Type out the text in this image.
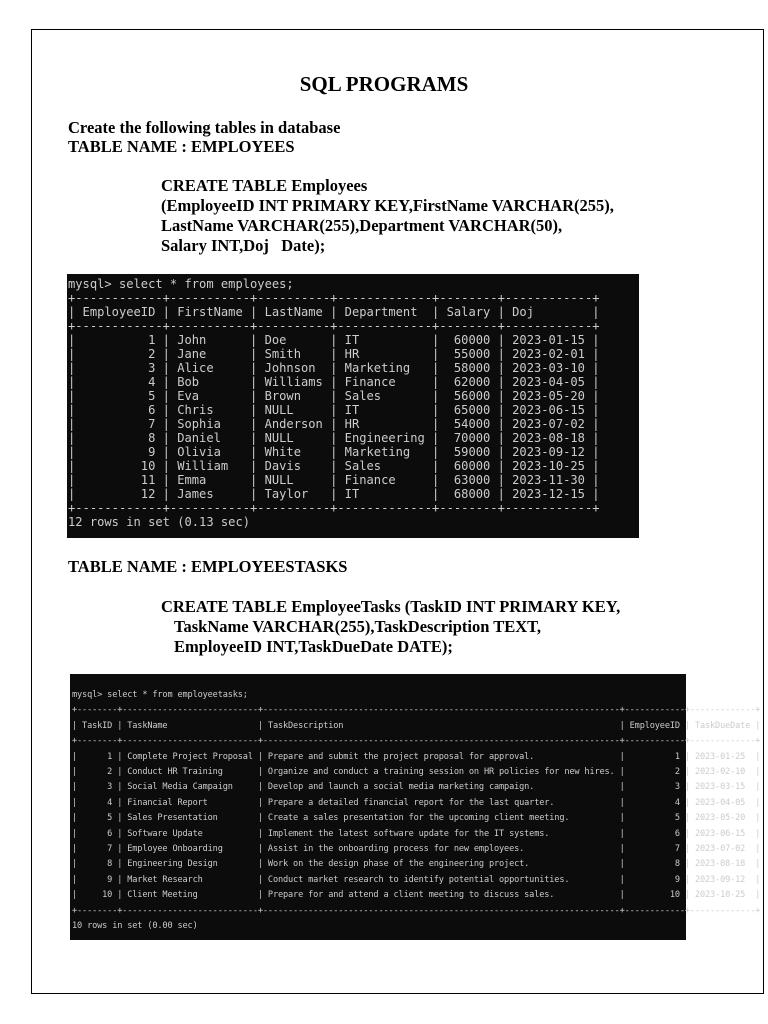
SQL PROGRAMS
Create the following tables in database
TABLE NAME : EMPLOYEES
CREATE TABLE Employees
(EmployeeID INT PRIMARY KEY,FirstName VARCHAR(255),
LastName VARCHAR(255),Department VARCHAR(50),
Salary INT,Doj   Date);
mysql> select * from employees;
+------------+-----------+----------+-------------+--------+------------+
| EmployeeID | FirstName | LastName | Department  | Salary | Doj        |
+------------+-----------+----------+-------------+--------+------------+
|          1 | John      | Doe      | IT          |  60000 | 2023-01-15 |
|          2 | Jane      | Smith    | HR          |  55000 | 2023-02-01 |
|          3 | Alice     | Johnson  | Marketing   |  58000 | 2023-03-10 |
|          4 | Bob       | Williams | Finance     |  62000 | 2023-04-05 |
|          5 | Eva       | Brown    | Sales       |  56000 | 2023-05-20 |
|          6 | Chris     | NULL     | IT          |  65000 | 2023-06-15 |
|          7 | Sophia    | Anderson | HR          |  54000 | 2023-07-02 |
|          8 | Daniel    | NULL     | Engineering |  70000 | 2023-08-18 |
|          9 | Olivia    | White    | Marketing   |  59000 | 2023-09-12 |
|         10 | William   | Davis    | Sales       |  60000 | 2023-10-25 |
|         11 | Emma      | NULL     | Finance     |  63000 | 2023-11-30 |
|         12 | James     | Taylor   | IT          |  68000 | 2023-12-15 |
+------------+-----------+----------+-------------+--------+------------+
12 rows in set (0.13 sec)
TABLE NAME : EMPLOYEESTASKS
CREATE TABLE EmployeeTasks (TaskID INT PRIMARY KEY,
TaskName VARCHAR(255),TaskDescription TEXT,
EmployeeID INT,TaskDueDate DATE);
mysql> select * from employeetasks;
+--------+---------------------------+-----------------------------------------------------------------------+------------+-------------+
| TaskID | TaskName                  | TaskDescription                                                       | EmployeeID | TaskDueDate |
+--------+---------------------------+-----------------------------------------------------------------------+------------+-------------+
|      1 | Complete Project Proposal | Prepare and submit the project proposal for approval.                 |          1 | 2023-01-25  |
|      2 | Conduct HR Training       | Organize and conduct a training session on HR policies for new hires. |          2 | 2023-02-10  |
|      3 | Social Media Campaign     | Develop and launch a social media marketing campaign.                 |          3 | 2023-03-15  |
|      4 | Financial Report          | Prepare a detailed financial report for the last quarter.             |          4 | 2023-04-05  |
|      5 | Sales Presentation        | Create a sales presentation for the upcoming client meeting.          |          5 | 2023-05-20  |
|      6 | Software Update           | Implement the latest software update for the IT systems.              |          6 | 2023-06-15  |
|      7 | Employee Onboarding       | Assist in the onboarding process for new employees.                   |          7 | 2023-07-02  |
|      8 | Engineering Design        | Work on the design phase of the engineering project.                  |          8 | 2023-08-18  |
|      9 | Market Research           | Conduct market research to identify potential opportunities.          |          9 | 2023-09-12  |
|     10 | Client Meeting            | Prepare for and attend a client meeting to discuss sales.             |         10 | 2023-10-25  |
+--------+---------------------------+-----------------------------------------------------------------------+------------+-------------+
10 rows in set (0.00 sec)
